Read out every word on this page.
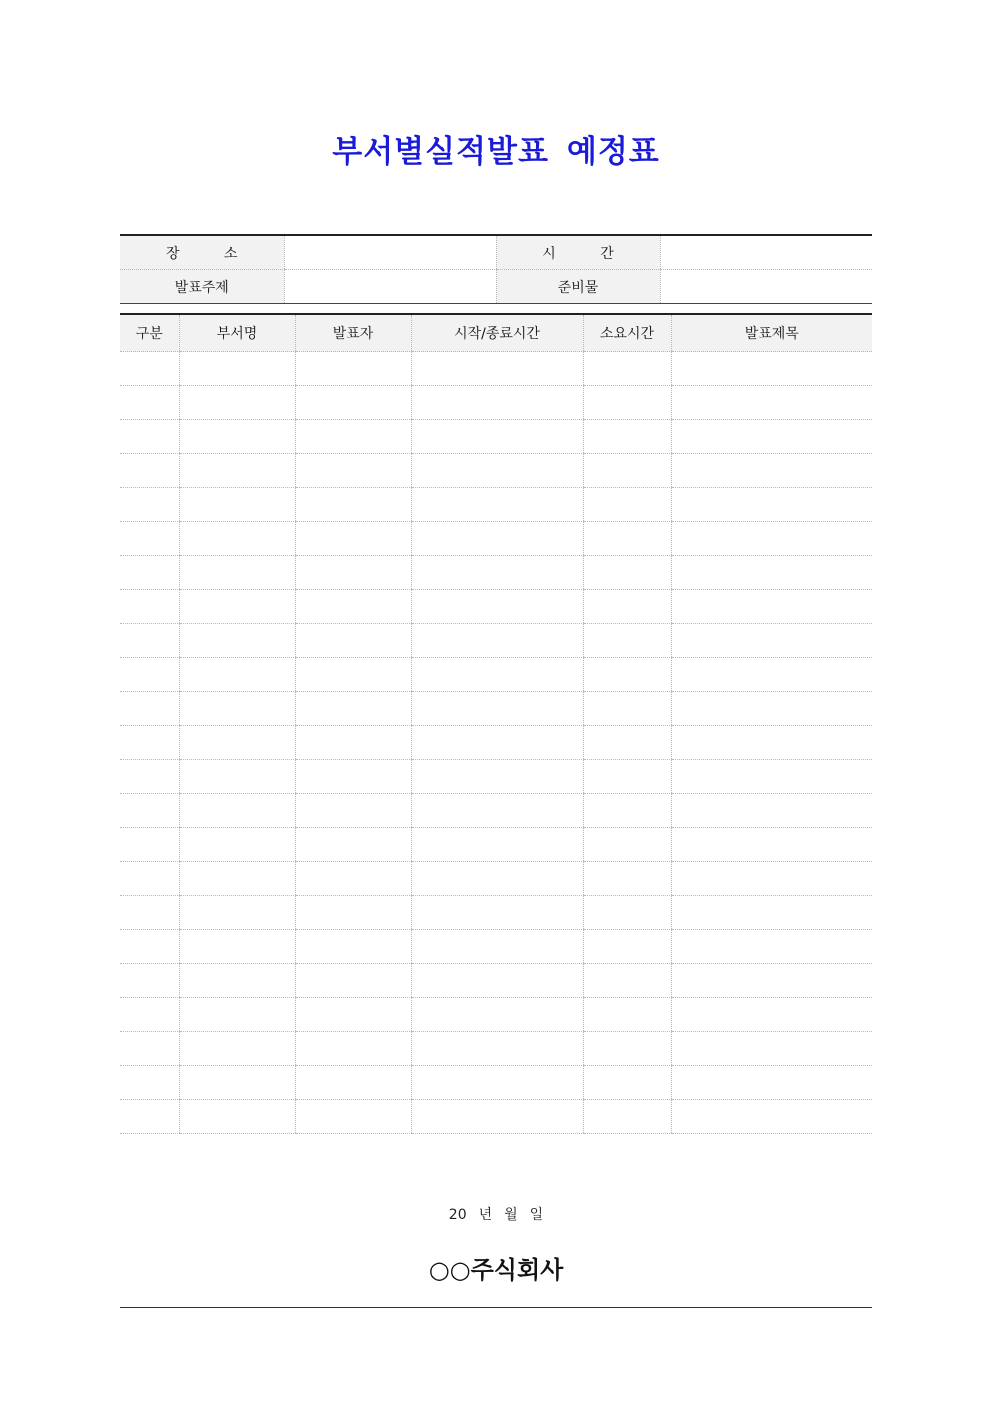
부서별실적발표 예정표
장 소		시 간	
발표주제		준비물	
구분	부서명	발표자	시작/종료시간	소요시간	발표제목

20 년 월 일
○○주식회사
